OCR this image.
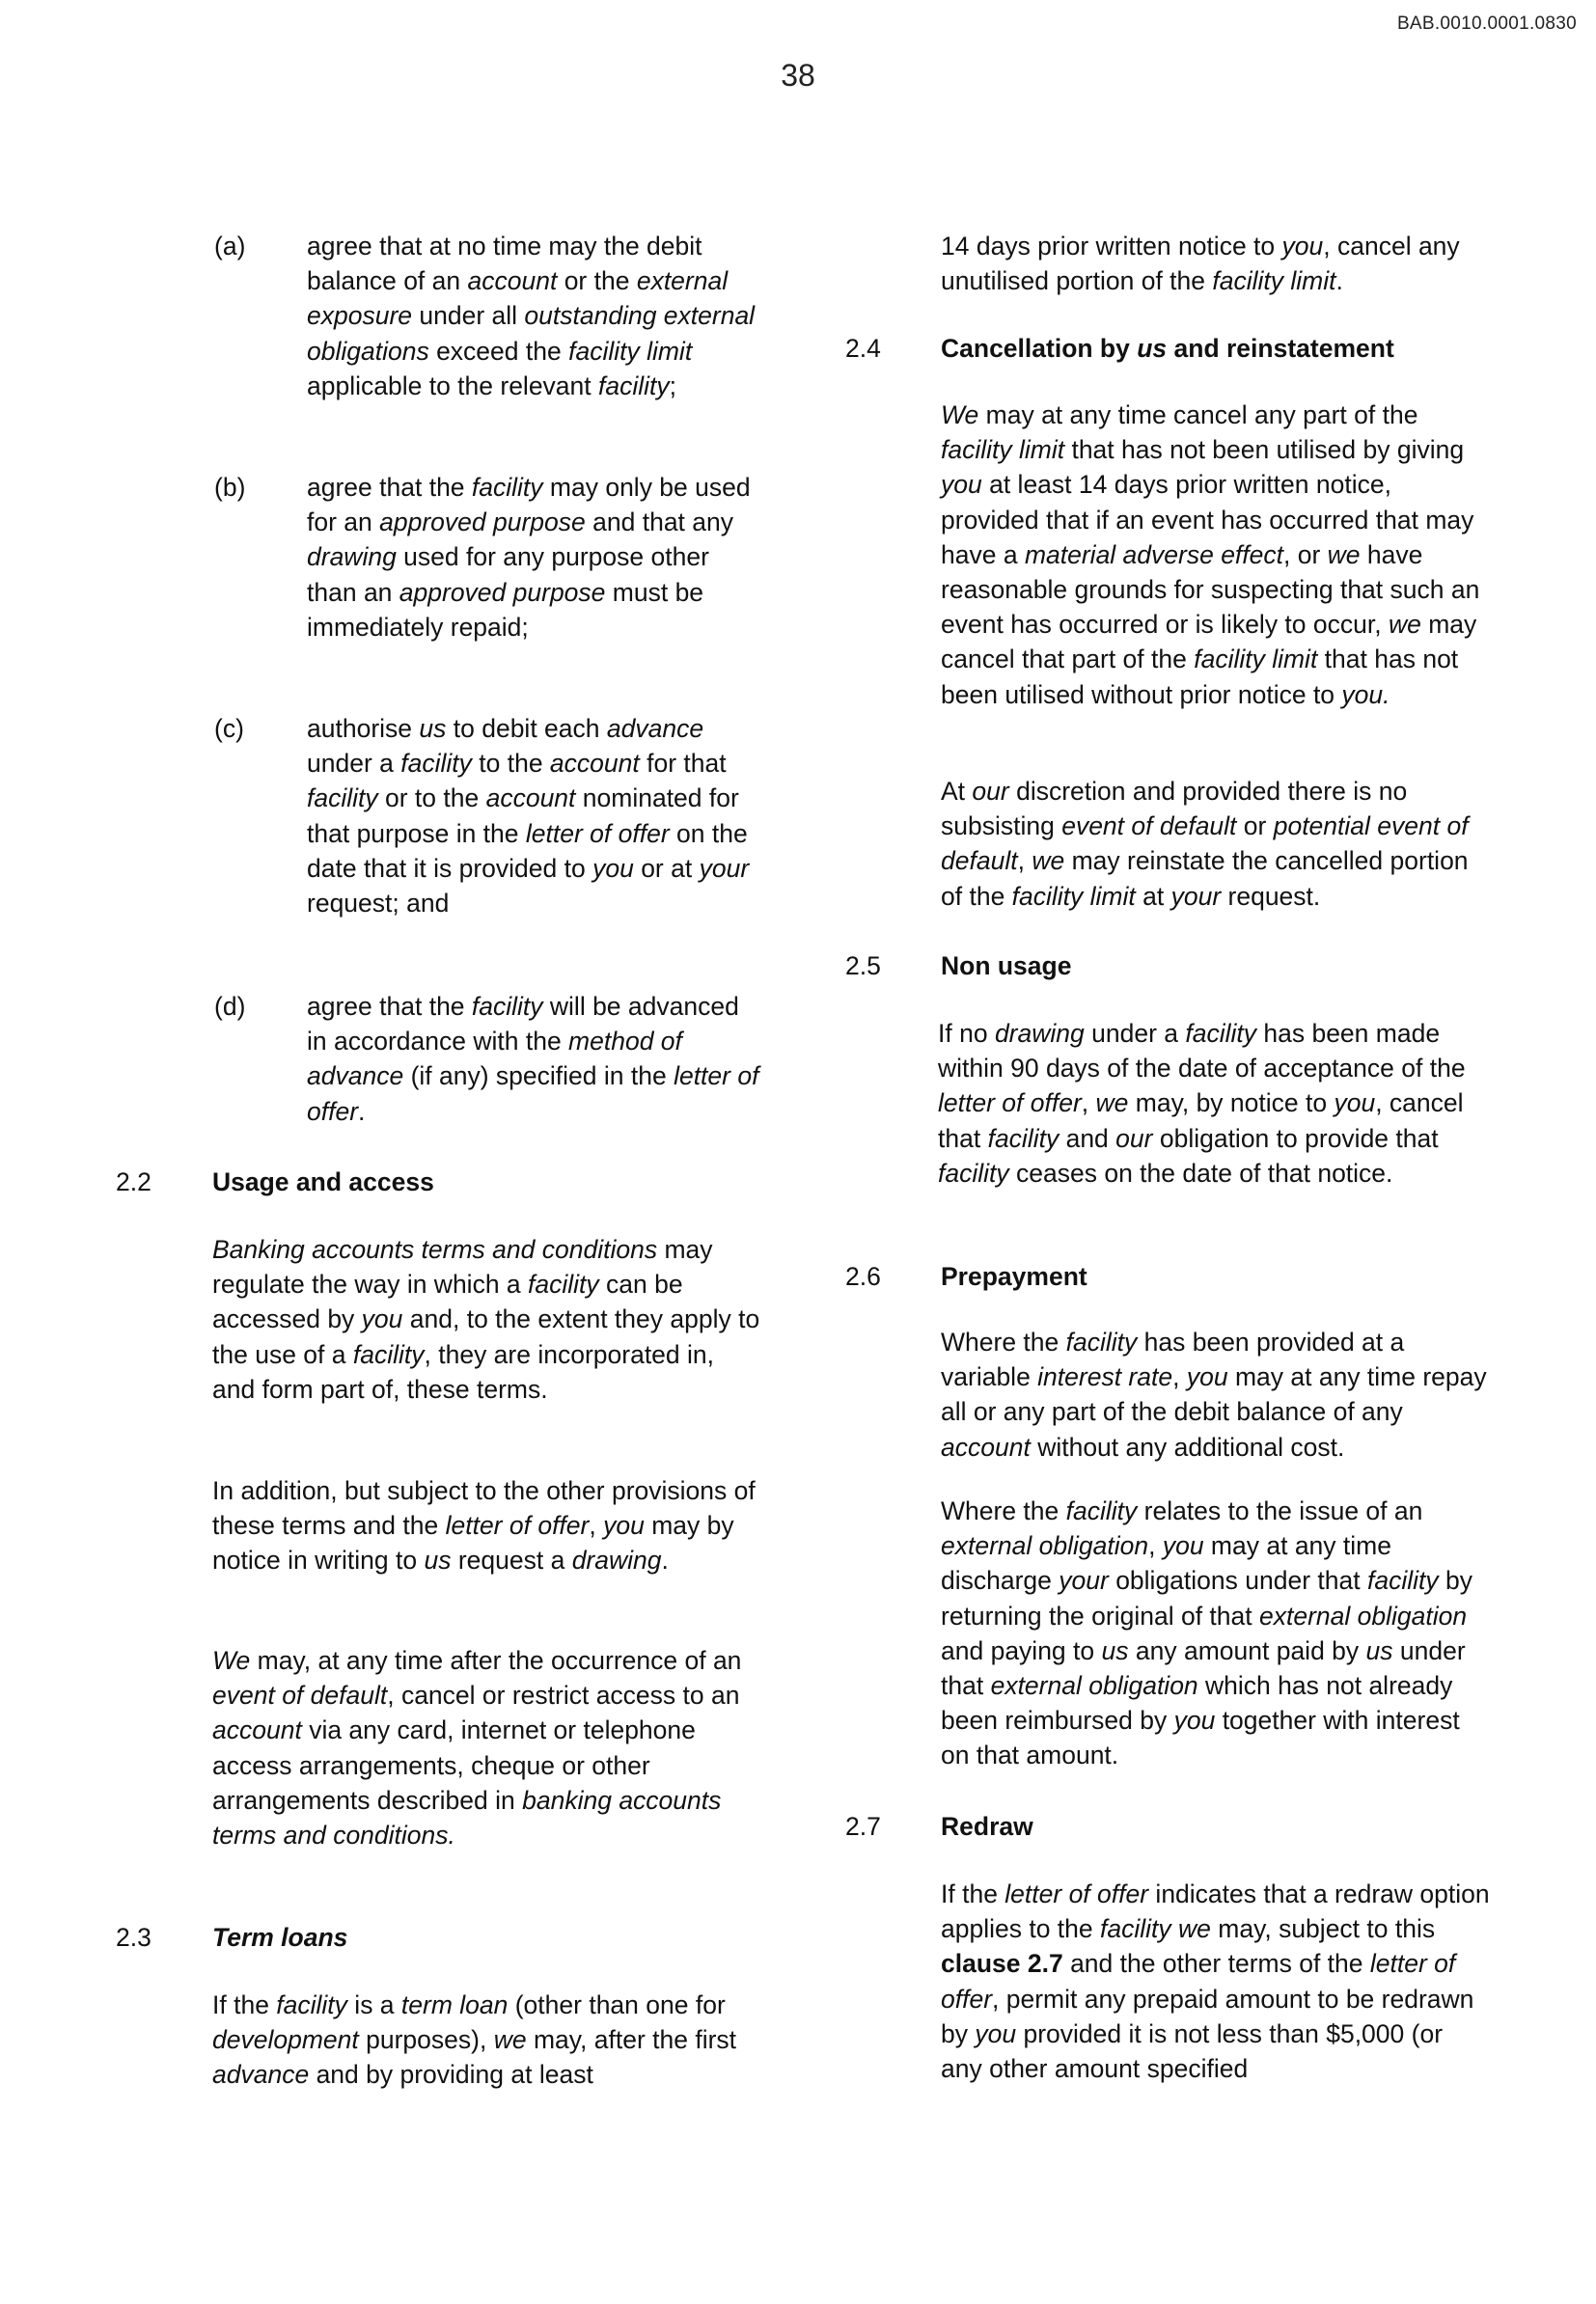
BAB.0010.0001.0830
38
(a) agree that at no time may the debit balance of an account or the external exposure under all outstanding external obligations exceed the facility limit applicable to the relevant facility;

(b) agree that the facility may only be used for an approved purpose and that any drawing used for any purpose other than an approved purpose must be immediately repaid;

(c) authorise us to debit each advance under a facility to the account for that facility or to the account nominated for that purpose in the letter of offer on the date that it is provided to you or at your request; and

(d) agree that the facility will be advanced in accordance with the method of advance (if any) specified in the letter of offer.

2.2 Usage and access

Banking accounts terms and conditions may regulate the way in which a facility can be accessed by you and, to the extent they apply to the use of a facility, they are incorporated in, and form part of, these terms.

In addition, but subject to the other provisions of these terms and the letter of offer, you may by notice in writing to us request a drawing.

We may, at any time after the occurrence of an event of default, cancel or restrict access to an account via any card, internet or telephone access arrangements, cheque or other arrangements described in banking accounts terms and conditions.

2.3 Term loans

If the facility is a term loan (other than one for development purposes), we may, after the first advance and by providing at least

14 days prior written notice to you, cancel any unutilised portion of the facility limit.

2.4 Cancellation by us and reinstatement

We may at any time cancel any part of the facility limit that has not been utilised by giving you at least 14 days prior written notice, provided that if an event has occurred that may have a material adverse effect, or we have reasonable grounds for suspecting that such an event has occurred or is likely to occur, we may cancel that part of the facility limit that has not been utilised without prior notice to you.

At our discretion and provided there is no subsisting event of default or potential event of default, we may reinstate the cancelled portion of the facility limit at your request.

2.5 Non usage

If no drawing under a facility has been made within 90 days of the date of acceptance of the letter of offer, we may, by notice to you, cancel that facility and our obligation to provide that facility ceases on the date of that notice.

2.6 Prepayment

Where the facility has been provided at a variable interest rate, you may at any time repay all or any part of the debit balance of any account without any additional cost.

Where the facility relates to the issue of an external obligation, you may at any time discharge your obligations under that facility by returning the original of that external obligation and paying to us any amount paid by us under that external obligation which has not already been reimbursed by you together with interest on that amount.

2.7 Redraw

If the letter of offer indicates that a redraw option applies to the facility we may, subject to this clause 2.7 and the other terms of the letter of offer, permit any prepaid amount to be redrawn by you provided it is not less than $5,000 (or any other amount specified
